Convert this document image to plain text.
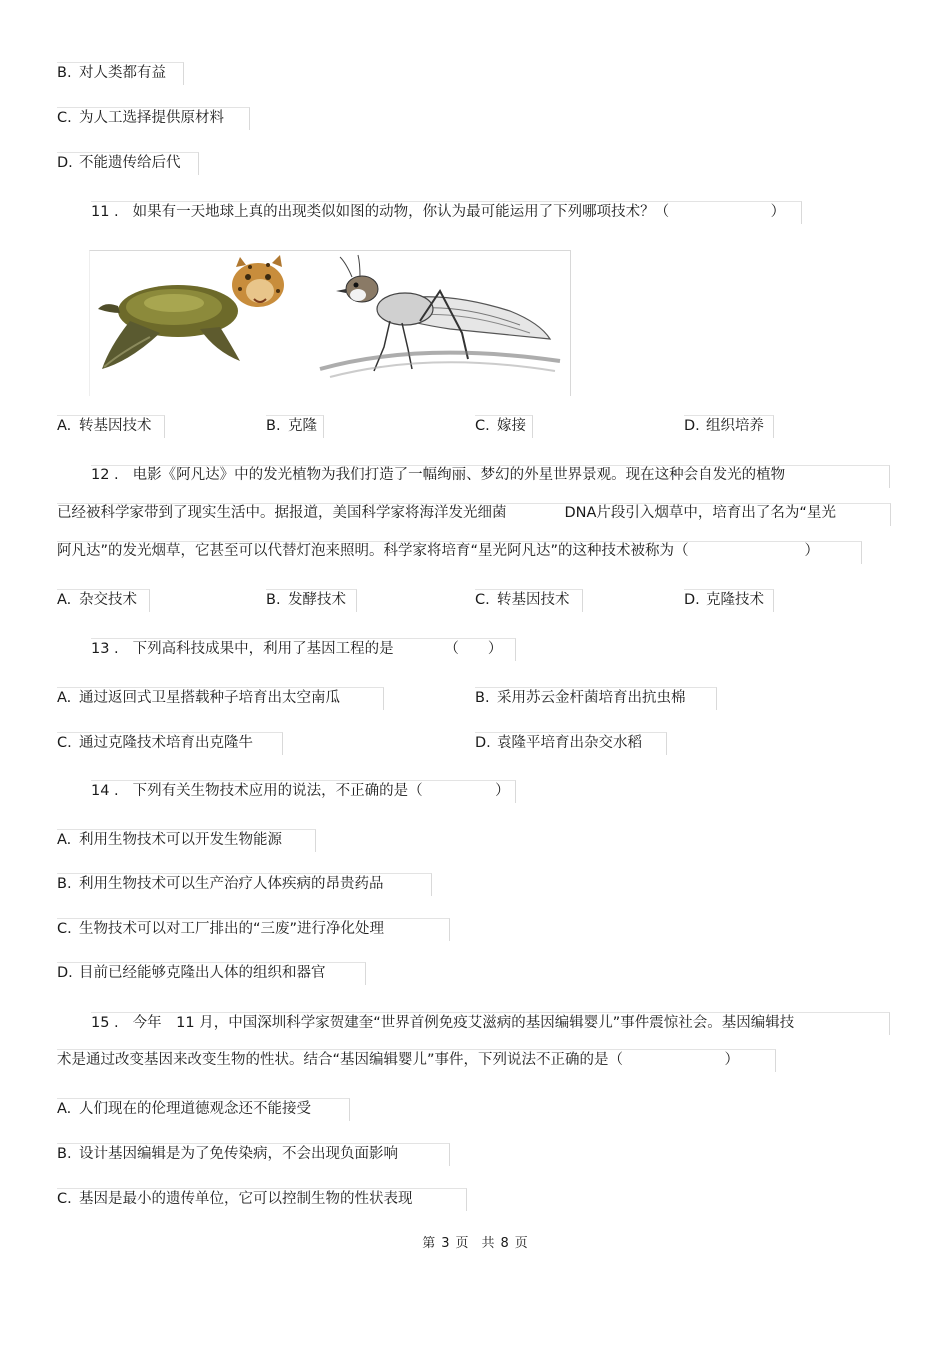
B. 对人类都有益
C. 为人工选择提供原材料
D. 不能遗传给后代
11 . 如果有一天地球上真的出现类似如图的动物，你认为最可能运用了下列哪项技术？（　　　　　　　）
A. 转基因技术	B. 克隆	C. 嫁接	D. 组织培养
12 . 电影《阿凡达》中的发光植物为我们打造了一幅绚丽、梦幻的外星世界景观。现在这种会自发光的植物
已经被科学家带到了现实生活中。据报道，美国科学家将海洋发光细菌　　　　DNA片段引入烟草中，培育出了名为“星光
阿凡达”的发光烟草，它甚至可以代替灯泡来照明。科学家将培育“星光阿凡达”的这种技术被称为（　　　　　　　　）
A. 杂交技术	B. 发酵技术	C. 转基因技术	D. 克隆技术
13 . 下列高科技成果中，利用了基因工程的是　　　　（　　）
A. 通过返回式卫星搭载种子培育出太空南瓜	B. 采用苏云金杆菌培育出抗虫棉
C. 通过克隆技术培育出克隆牛	D. 袁隆平培育出杂交水稻
14 . 下列有关生物技术应用的说法，不正确的是（　　　　　）
A. 利用生物技术可以开发生物能源
B. 利用生物技术可以生产治疗人体疾病的昂贵药品
C. 生物技术可以对工厂排出的“三废”进行净化处理
D. 目前已经能够克隆出人体的组织和器官
15 . 今年　11 月，中国深圳科学家贺建奎“世界首例免疫艾滋病的基因编辑婴儿”事件震惊社会。基因编辑技
术是通过改变基因来改变生物的性状。结合“基因编辑婴儿”事件，下列说法不正确的是（　　　　　　　）
A. 人们现在的伦理道德观念还不能接受
B. 设计基因编辑是为了免传染病，不会出现负面影响
C. 基因是最小的遗传单位，它可以控制生物的性状表现
第 3 页　共 8 页
